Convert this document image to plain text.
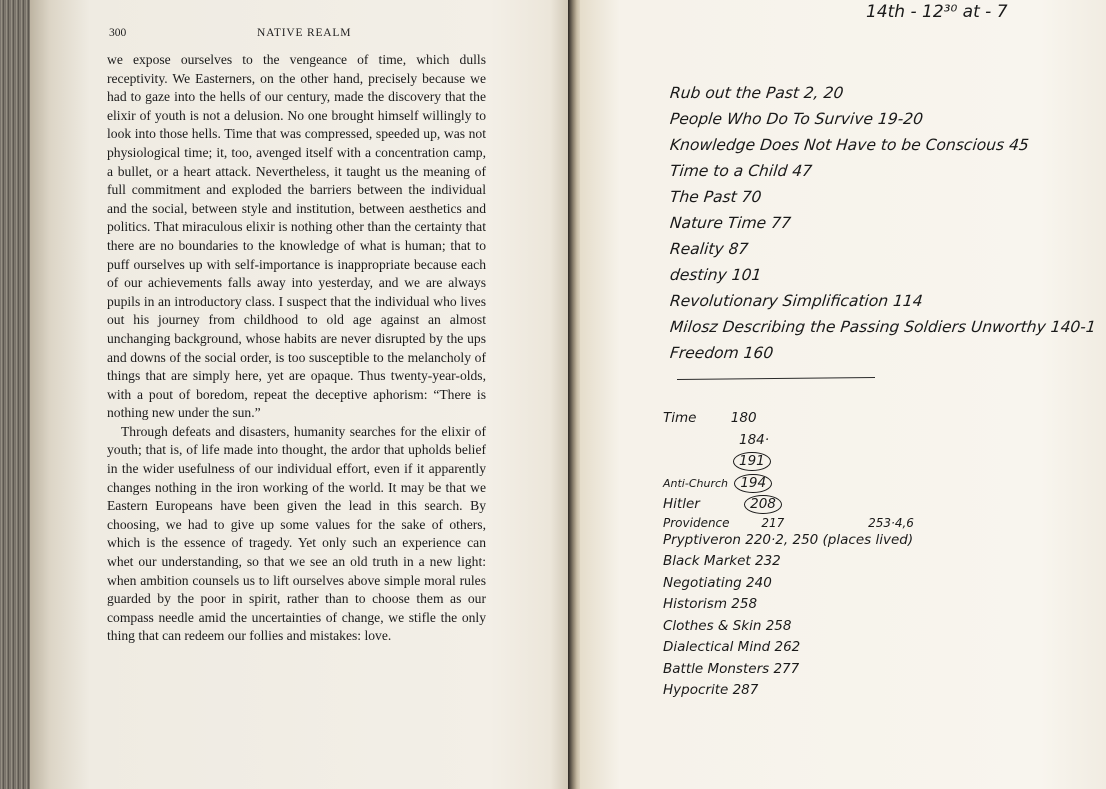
300	NATIVE REALM

we expose ourselves to the vengeance of time, which dulls receptivity. We Easterners, on the other hand, precisely because we had to gaze into the hells of our century, made the discovery that the elixir of youth is not a delusion. No one brought himself willingly to look into those hells. Time that was compressed, speeded up, was not physiological time; it, too, avenged itself with a concentration camp, a bullet, or a heart attack. Nevertheless, it taught us the meaning of full commitment and exploded the barriers between the individual and the social, between style and institution, between aesthetics and politics. That miraculous elixir is nothing other than the certainty that there are no boundaries to the knowledge of what is human; that to puff ourselves up with self-importance is inappropriate because each of our achievements falls away into yesterday, and we are always pupils in an introductory class. I suspect that the individual who lives out his journey from childhood to old age against an almost unchanging background, whose habits are never disrupted by the ups and downs of the social order, is too susceptible to the melancholy of things that are simply here, yet are opaque. Thus twenty-year-olds, with a pout of boredom, repeat the deceptive aphorism: “There is nothing new under the sun.”

Through defeats and disasters, humanity searches for the elixir of youth; that is, of life made into thought, the ardor that upholds belief in the wider usefulness of our individual effort, even if it apparently changes nothing in the iron working of the world. It may be that we Eastern Europeans have been given the lead in this search. By choosing, we had to give up some values for the sake of others, which is the essence of tragedy. Yet only such an experience can whet our understanding, so that we see an old truth in a new light: when ambition counsels us to lift ourselves above simple moral rules guarded by the poor in spirit, rather than to choose them as our compass needle amid the uncertainties of change, we stifle the only thing that can redeem our follies and mistakes: love.

14th - 12³⁰ at - 7
Rub out the Past 2, 20
People Who Do To Survive 19-20
Knowledge Does Not Have to be Conscious 45
Time to a Child 47
The Past 70
Nature Time 77
Reality 87
destiny 101
Revolutionary Simplification 114
Milosz Describing the Passing Soldiers Unworthy 140-1
Freedom 160
Time	180
184·
191
Anti-Church 194
Hitler	208
Providence	217	253·4,6
Pryptiveron 220·2, 250 (places lived)
Black Market 232
Negotiating 240
Historism 258
Clothes & Skin 258
Dialectical Mind 262
Battle Monsters 277
Hypocrite 287
